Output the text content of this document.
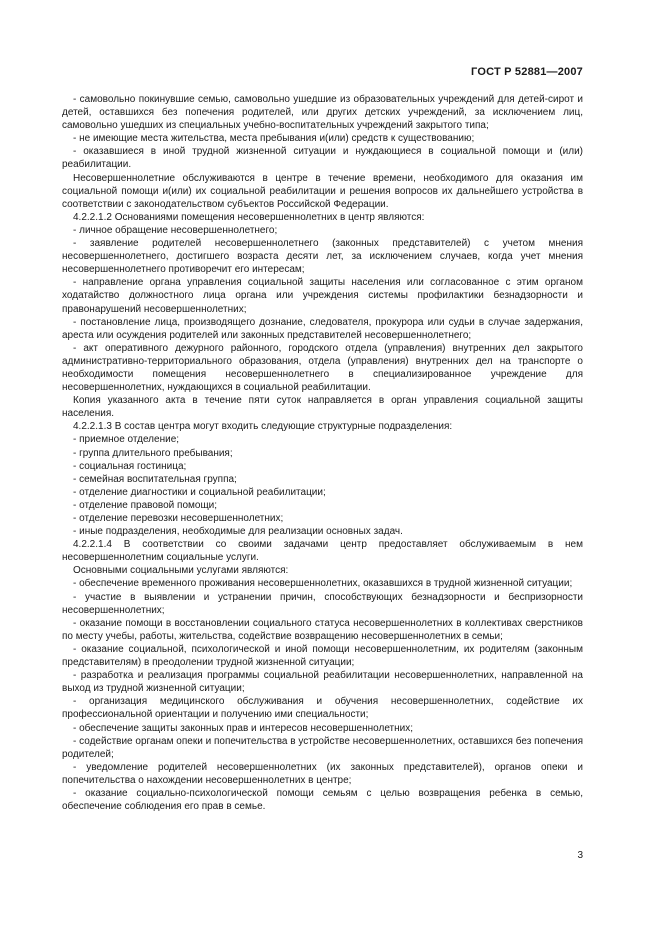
ГОСТ Р 52881—2007

- самовольно покинувшие семью, самовольно ушедшие из образовательных учреждений для детей-сирот и детей, оставшихся без попечения родителей, или других детских учреждений, за исключением лиц, самовольно ушедших из специальных учебно-воспитательных учреждений закрытого типа;

- не имеющие места жительства, места пребывания и(или) средств к существованию;

- оказавшиеся в иной трудной жизненной ситуации и нуждающиеся в социальной помощи и (или) реабилитации.

Несовершеннолетние обслуживаются в центре в течение времени, необходимого для оказания им социальной помощи и(или) их социальной реабилитации и решения вопросов их дальнейшего устройства в соответствии с законодательством субъектов Российской Федерации.

4.2.2.1.2 Основаниями помещения несовершеннолетних в центр являются:

- личное обращение несовершеннолетнего;

- заявление родителей несовершеннолетнего (законных представителей) с учетом мнения несовершеннолетнего, достигшего возраста десяти лет, за исключением случаев, когда учет мнения несовершеннолетнего противоречит его интересам;

- направление органа управления социальной защиты населения или согласованное с этим органом ходатайство должностного лица органа или учреждения системы профилактики безнадзорности и правонарушений несовершеннолетних;

- постановление лица, производящего дознание, следователя, прокурора или судьи в случае задержания, ареста или осуждения родителей или законных представителей несовершеннолетнего;

- акт оперативного дежурного районного, городского отдела (управления) внутренних дел закрытого административно-территориального образования, отдела (управления) внутренних дел на транспорте о необходимости помещения несовершеннолетнего в специализированное учреждение для несовершеннолетних, нуждающихся в социальной реабилитации.

Копия указанного акта в течение пяти суток направляется в орган управления социальной защиты населения.

4.2.2.1.3 В состав центра могут входить следующие структурные подразделения:

- приемное отделение;

- группа длительного пребывания;

- социальная гостиница;

- семейная воспитательная группа;

- отделение диагностики и социальной реабилитации;

- отделение правовой помощи;

- отделение перевозки несовершеннолетних;

- иные подразделения, необходимые для реализации основных задач.

4.2.2.1.4 В соответствии со своими задачами центр предоставляет обслуживаемым в нем несовершеннолетним социальные услуги.

Основными социальными услугами являются:

- обеспечение временного проживания несовершеннолетних, оказавшихся в трудной жизненной ситуации;

- участие в выявлении и устранении причин, способствующих безнадзорности и беспризорности несовершеннолетних;

- оказание помощи в восстановлении социального статуса несовершеннолетних в коллективах сверстников по месту учебы, работы, жительства, содействие возвращению несовершеннолетних в семьи;

- оказание социальной, психологической и иной помощи несовершеннолетним, их родителям (законным представителям) в преодолении трудной жизненной ситуации;

- разработка и реализация программы социальной реабилитации несовершеннолетних, направленной на выход из трудной жизненной ситуации;

- организация медицинского обслуживания и обучения несовершеннолетних, содействие их профессиональной ориентации и получению ими специальности;

- обеспечение защиты законных прав и интересов несовершеннолетних;

- содействие органам опеки и попечительства в устройстве несовершеннолетних, оставшихся без попечения родителей;

- уведомление родителей несовершеннолетних (их законных представителей), органов опеки и попечительства о нахождении несовершеннолетних в центре;

- оказание социально-психологической помощи семьям с целью возвращения ребенка в семью, обеспечение соблюдения его прав в семье.

3
